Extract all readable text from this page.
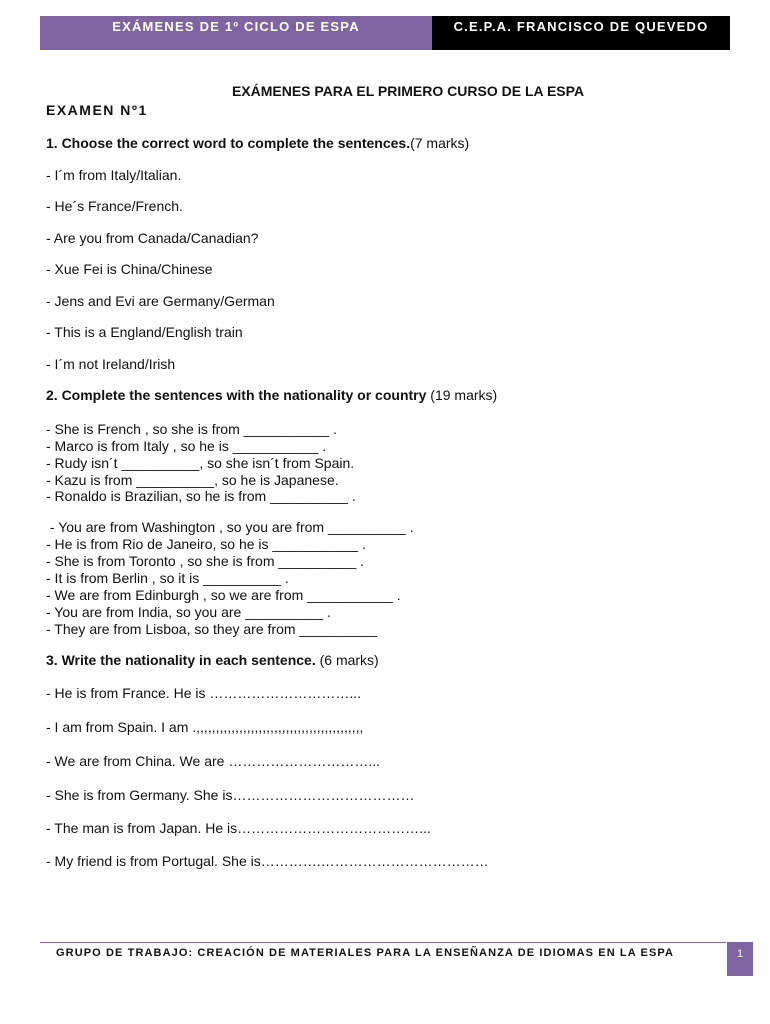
EXÁMENES DE 1º CICLO DE ESPA	C.E.P.A. FRANCISCO DE QUEVEDO
EXÁMENES PARA EL PRIMERO CURSO DE LA ESPA
EXAMEN Nº1
1. Choose the correct word to complete the sentences.(7 marks)
- I´m from Italy/Italian.
- He´s France/French.
- Are you from Canada/Canadian?
- Xue Fei is China/Chinese
- Jens and Evi are Germany/German
- This is a England/English train
- I´m not Ireland/Irish
2. Complete the sentences with the nationality or country (19 marks)
- She is French , so she is from ___________ .
- Marco is from Italy , so he is ___________ .
- Rudy isn´t __________, so she isn´t from Spain.
- Kazu is from __________, so he is Japanese.
- Ronaldo is Brazilian, so he is from __________ .
- You are from Washington , so you are from __________ .
- He is from Rio de Janeiro, so he is ___________ .
- She is from Toronto , so she is from __________ .
- It is from Berlin , so it is __________ .
- We are from Edinburgh , so we are from ___________ .
- You are from India, so you are __________ .
- They are from Lisboa, so they are from __________
3. Write the nationality in each sentence. (6 marks)
- He is from France. He is …………………………...
- I am from Spain. I am .,,,,,,,,,,,,,,,,,,,,,,,,,,,,,,,,,,,,,,,,,,,
- We are from China. We are …………………………...
- She is from Germany. She is…………………………………
- The man is from Japan. He is…………………………………...
- My friend is from Portugal. She is………….………………………………
GRUPO DE TRABAJO: CREACIÓN DE MATERIALES PARA LA ENSEÑANZA DE IDIOMAS EN LA ESPA	1
